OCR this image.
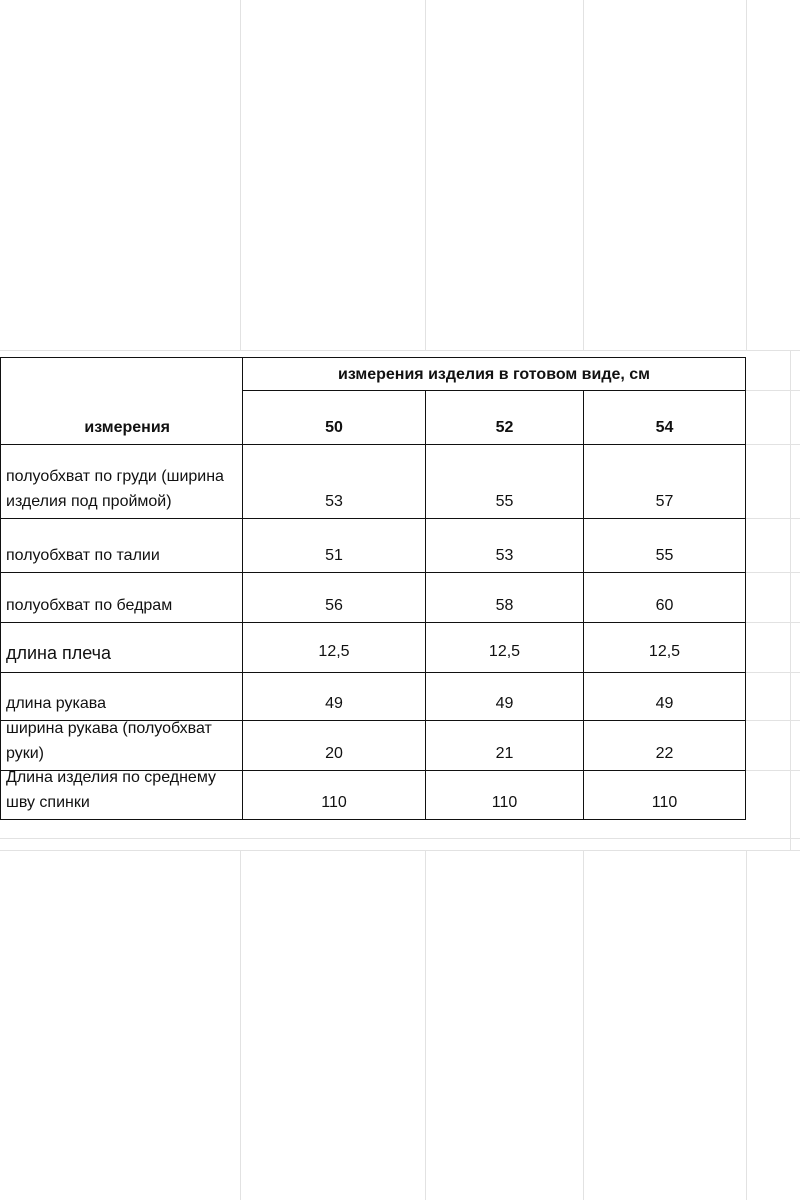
измерения изделия в готовом виде, см
измерения	50	52	54
полуобхват по груди (ширина изделия под проймой)	53	55	57
полуобхват по талии	51	53	55
полуобхват по бедрам	56	58	60
длина плеча	12,5	12,5	12,5
длина рукава	49	49	49
ширина рукава (полуобхват руки)	20	21	22
Длина изделия по среднему шву спинки	110	110	110
